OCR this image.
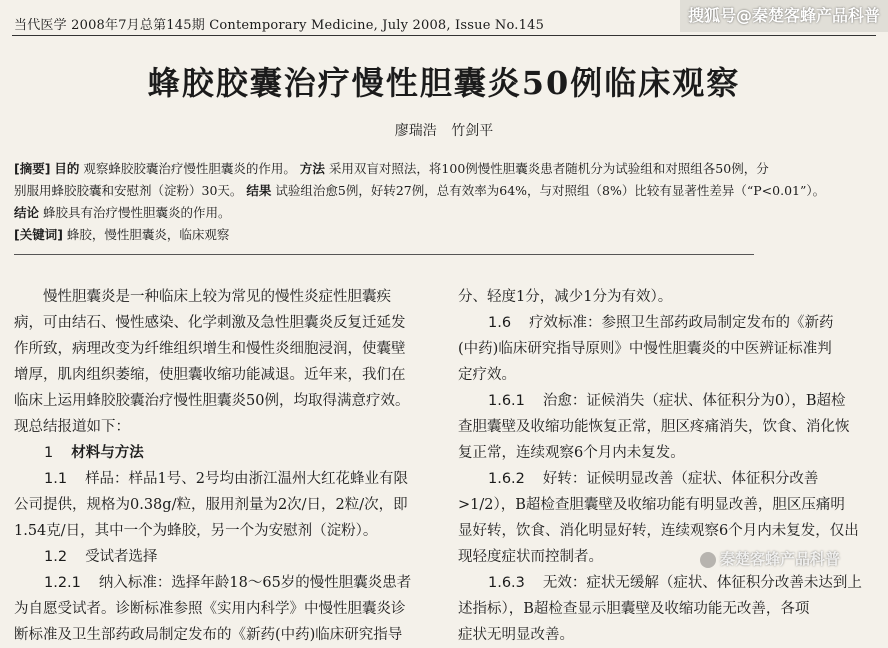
当代医学 2008年7月总第145期 Contemporary Medicine, July 2008, Issue No.145
搜狐号@秦楚客蜂产品科普
蜂胶胶囊治疗慢性胆囊炎50例临床观察
廖瑞浩 竹剑平
[摘要] 目的 观察蜂胶胶囊治疗慢性胆囊炎的作用。 方法 采用双盲对照法，将100例慢性胆囊炎患者随机分为试验组和对照组各50例，分
别服用蜂胶胶囊和安慰剂（淀粉）30天。 结果 试验组治愈5例，好转27例，总有效率为64%，与对照组（8%）比较有显著性差异（“P<0.01”）。
结论 蜂胶具有治疗慢性胆囊炎的作用。
[关键词] 蜂胶，慢性胆囊炎，临床观察

慢性胆囊炎是一种临床上较为常见的慢性炎症性胆囊疾

病，可由结石、慢性感染、化学刺激及急性胆囊炎反复迁延发

作所致，病理改变为纤维组织增生和慢性炎细胞浸润，使囊壁

增厚，肌肉组织萎缩，使胆囊收缩功能减退。近年来，我们在

临床上运用蜂胶胶囊治疗慢性胆囊炎50例，均取得满意疗效。

现总结报道如下：

1 材料与方法

1.1 样品：样品1号、2号均由浙江温州大红花蜂业有限

公司提供，规格为0.38g/粒，服用剂量为2次/日，2粒/次，即

1.54克/日，其中一个为蜂胶，另一个为安慰剂（淀粉）。

1.2 受试者选择

1.2.1 纳入标准：选择年龄18～65岁的慢性胆囊炎患者

为自愿受试者。诊断标准参照《实用内科学》中慢性胆囊炎诊

断标准及卫生部药政局制定发布的《新药(中药)临床研究指导

分、轻度1分，减少1分为有效）。

1.6 疗效标准：参照卫生部药政局制定发布的《新药

(中药)临床研究指导原则》中慢性胆囊炎的中医辨证标准判

定疗效。

1.6.1 治愈：证候消失（症状、体征积分为0），B超检

查胆囊壁及收缩功能恢复正常，胆区疼痛消失，饮食、消化恢

复正常，连续观察6个月内未复发。

1.6.2 好转：证候明显改善（症状、体征积分改善

>1/2），B超检查胆囊壁及收缩功能有明显改善，胆区压痛明

显好转，饮食、消化明显好转，连续观察6个月内未复发，仅出

现轻度症状而控制者。

1.6.3 无效：症状无缓解（症状、体征积分改善未达到上

述指标），B超检查显示胆囊壁及收缩功能无改善，各项

症状无明显改善。

秦楚客蜂产品科普
